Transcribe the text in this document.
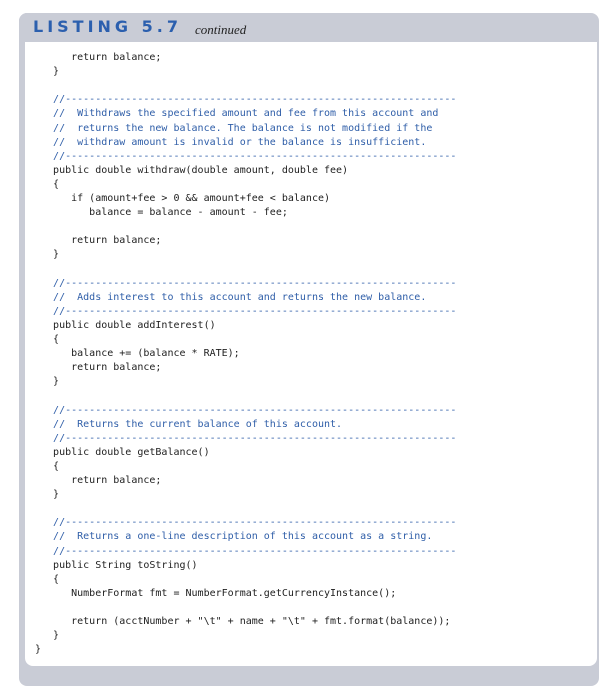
LISTING 5.7 continued
return balance;
}
//-----------------------------------------------------------------
//  Withdraws the specified amount and fee from this account and
//  returns the new balance. The balance is not modified if the
//  withdraw amount is invalid or the balance is insufficient.
//-----------------------------------------------------------------
public double withdraw(double amount, double fee)
{
if (amount+fee > 0 && amount+fee < balance)
balance = balance - amount - fee;
return balance;
}
//-----------------------------------------------------------------
//  Adds interest to this account and returns the new balance.
//-----------------------------------------------------------------
public double addInterest()
{
balance += (balance * RATE);
return balance;
}
//-----------------------------------------------------------------
//  Returns the current balance of this account.
//-----------------------------------------------------------------
public double getBalance()
{
return balance;
}
//-----------------------------------------------------------------
//  Returns a one-line description of this account as a string.
//-----------------------------------------------------------------
public String toString()
{
NumberFormat fmt = NumberFormat.getCurrencyInstance();
return (acctNumber + "\t" + name + "\t" + fmt.format(balance));
}
}
